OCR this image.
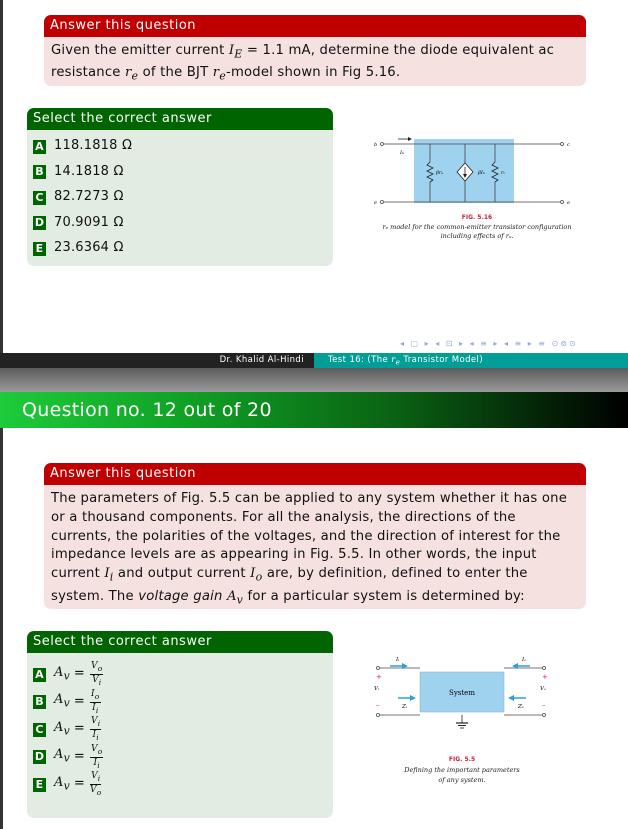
Answer this question
Given the emitter current $I_E = 1.1$ mA, determine the diode equivalent ac resistance $r_e$ of the BJT $r_e$-model shown in Fig 5.16.
Select the correct answer
A 118.1818 Ω
B 14.1818 Ω
C 82.7273 Ω
D 70.9091 Ω
E 23.6364 Ω
b	c
e	e
Iₕ
βrₑ	βIₕ	rₒ
FIG. 5.16
rₑ model for the common-emitter transistor configuration
including effects of rₒ.
◂ ▢ ▸ ◂ ⊡ ▸ ◂ ≡ ▸ ◂ ≡ ▸ ≡ ⊙⊚⊙
Dr. Khalid Al-Hindi	Test 16: (The $r_e$ Transistor Model)
Question no. 12 out of 20
Answer this question
The parameters of Fig. 5.5 can be applied to any system whether it has one or a thousand components. For all the analysis, the directions of the currents, the polarities of the voltages, and the direction of interest for the impedance levels are as appearing in Fig. 5.5. In other words, the input current $I_i$ and output current $I_o$ are, by definition, defined to enter the system. The voltage gain $A_v$ for a particular system is determined by:
Select the correct answer
A $A_v = \frac{V_o}{V_i}$
B $A_v = \frac{I_o}{I_i}$
C $A_v = \frac{V_i}{I_i}$
D $A_v = \frac{V_o}{I_i}$
E $A_v = \frac{V_i}{V_o}$
System
Iᵢ	Iₒ
+
Vᵢ
–
+
Vₒ
–
Zᵢ	Zₒ
FIG. 5.5
Defining the important parameters
of any system.
